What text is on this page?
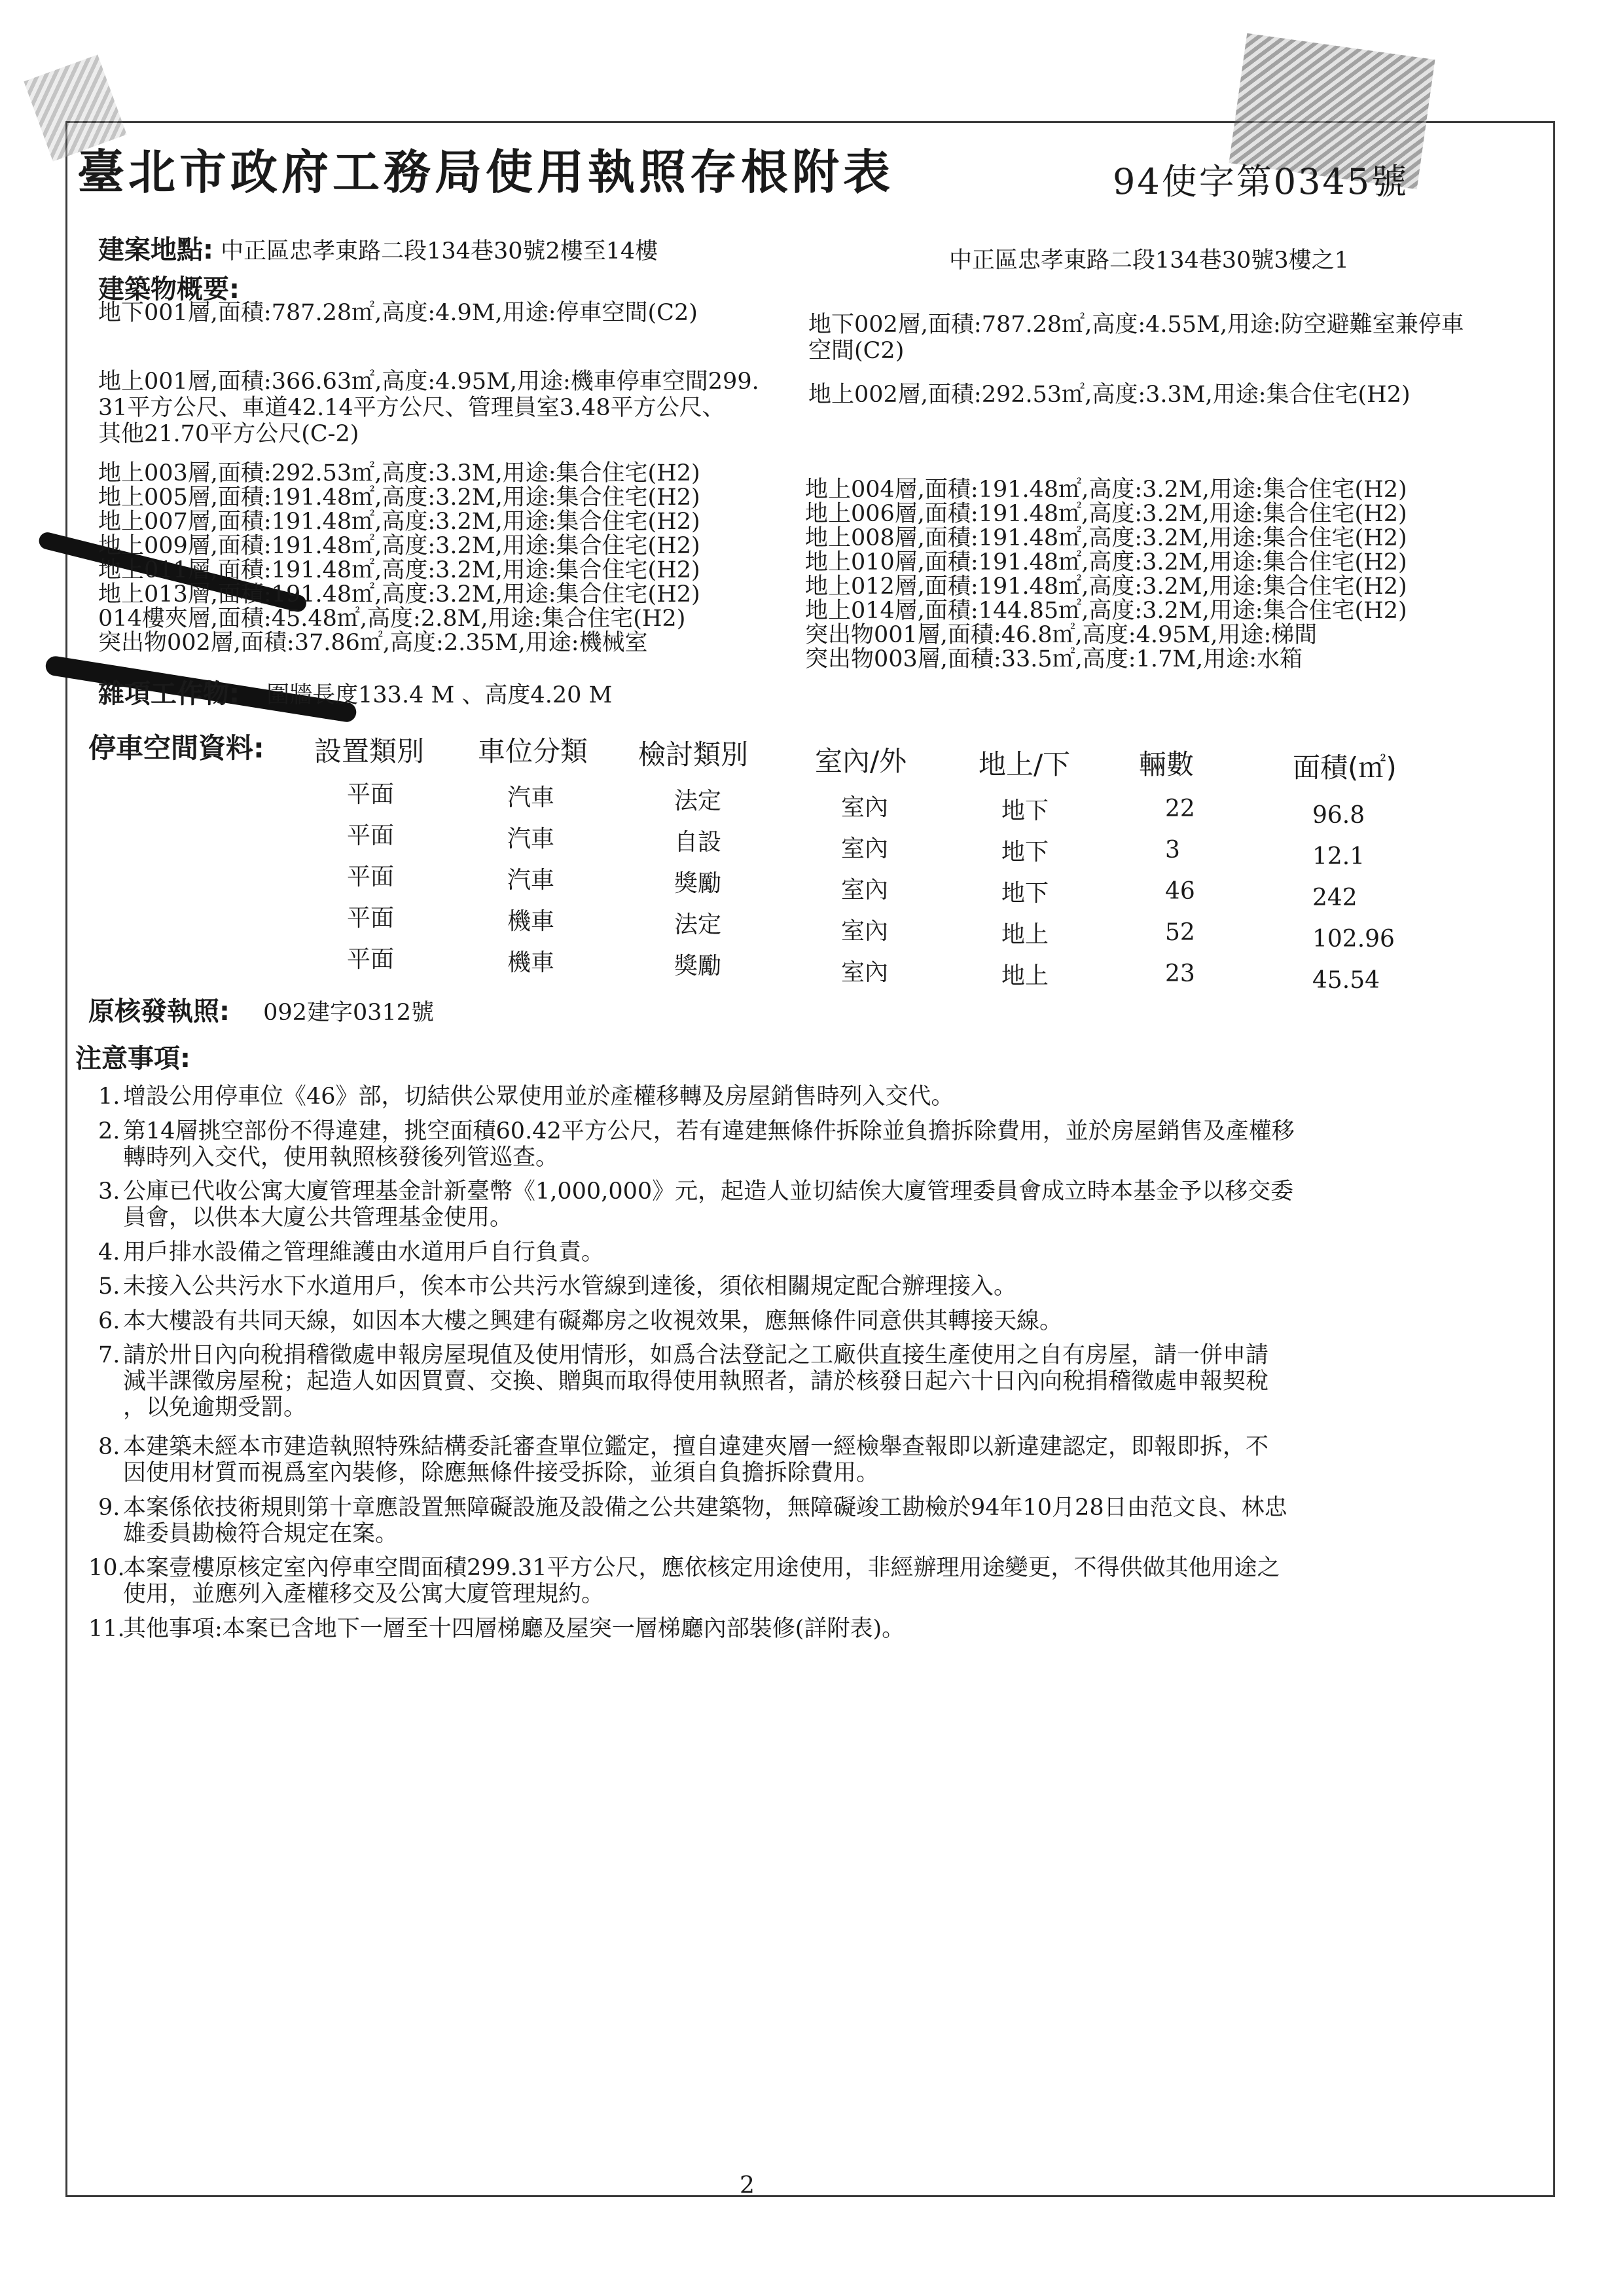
臺北市政府工務局使用執照存根附表	94使字第0345號
建案地點: 中正區忠孝東路二段134巷30號2樓至14樓	中正區忠孝東路二段134巷30號3樓之1
建築物概要:
地下001層,面積:787.28㎡,高度:4.9M,用途:停車空間(C2)	地下002層,面積:787.28㎡,高度:4.55M,用途:防空避難室兼停車
空間(C2)
地上001層,面積:366.63㎡,高度:4.95M,用途:機車停車空間299.
31平方公尺、車道42.14平方公尺、管理員室3.48平方公尺、
其他21.70平方公尺(C-2)
地上002層,面積:292.53㎡,高度:3.3M,用途:集合住宅(H2)
地上003層,面積:292.53㎡,高度:3.3M,用途:集合住宅(H2)
地上005層,面積:191.48㎡,高度:3.2M,用途:集合住宅(H2)
地上007層,面積:191.48㎡,高度:3.2M,用途:集合住宅(H2)
地上009層,面積:191.48㎡,高度:3.2M,用途:集合住宅(H2)
地上011層,面積:191.48㎡,高度:3.2M,用途:集合住宅(H2)
地上013層,面積:191.48㎡,高度:3.2M,用途:集合住宅(H2)
014樓夾層,面積:45.48㎡,高度:2.8M,用途:集合住宅(H2)
突出物002層,面積:37.86㎡,高度:2.35M,用途:機械室
地上004層,面積:191.48㎡,高度:3.2M,用途:集合住宅(H2)
地上006層,面積:191.48㎡,高度:3.2M,用途:集合住宅(H2)
地上008層,面積:191.48㎡,高度:3.2M,用途:集合住宅(H2)
地上010層,面積:191.48㎡,高度:3.2M,用途:集合住宅(H2)
地上012層,面積:191.48㎡,高度:3.2M,用途:集合住宅(H2)
地上014層,面積:144.85㎡,高度:3.2M,用途:集合住宅(H2)
突出物001層,面積:46.8㎡,高度:4.95M,用途:梯間
突出物003層,面積:33.5㎡,高度:1.7M,用途:水箱
雜項工作物: 圍牆長度133.4 M 、高度4.20 M
停車空間資料: 設置類別 車位分類 檢討類別 室內/外	地上/下 輛數	面積(㎡)
平面	汽車	法定	室內	地下	22	96.8
平面	汽車	自設	室內	地下	3	12.1
平面	汽車	獎勵	室內	地下	46	242
平面	機車	法定	室內	地上	52	102.96
平面	機車	獎勵	室內	地上	23	45.54
原核發執照: 092建字0312號
注意事項:
1. 增設公用停車位《46》部，切結供公眾使用並於產權移轉及房屋銷售時列入交代。
2. 第14層挑空部份不得違建，挑空面積60.42平方公尺，若有違建無條件拆除並負擔拆除費用，並於房屋銷售及產權移
轉時列入交代，使用執照核發後列管巡查。
3. 公庫已代收公寓大廈管理基金計新臺幣《1,000,000》元，起造人並切結俟大廈管理委員會成立時本基金予以移交委
員會，以供本大廈公共管理基金使用。
4. 用戶排水設備之管理維護由水道用戶自行負責。
5. 未接入公共污水下水道用戶，俟本市公共污水管線到達後，須依相關規定配合辦理接入。
6. 本大樓設有共同天線，如因本大樓之興建有礙鄰房之收視效果，應無條件同意供其轉接天線。
7. 請於卅日內向稅捐稽徵處申報房屋現值及使用情形，如爲合法登記之工廠供直接生產使用之自有房屋，請一併申請
減半課徵房屋稅；起造人如因買賣、交換、贈與而取得使用執照者，請於核發日起六十日內向稅捐稽徵處申報契稅
，以免逾期受罰。
8. 本建築未經本市建造執照特殊結構委託審查單位鑑定，擅自違建夾層一經檢舉查報即以新違建認定，即報即拆，不
因使用材質而視爲室內裝修，除應無條件接受拆除，並須自負擔拆除費用。
9. 本案係依技術規則第十章應設置無障礙設施及設備之公共建築物，無障礙竣工勘檢於94年10月28日由范文良、林忠
雄委員勘檢符合規定在案。
10.本案壹樓原核定室內停車空間面積299.31平方公尺，應依核定用途使用，非經辦理用途變更，不得供做其他用途之
使用，並應列入產權移交及公寓大廈管理規約。
11.其他事項:本案已含地下一層至十四層梯廳及屋突一層梯廳內部裝修(詳附表)。
2
